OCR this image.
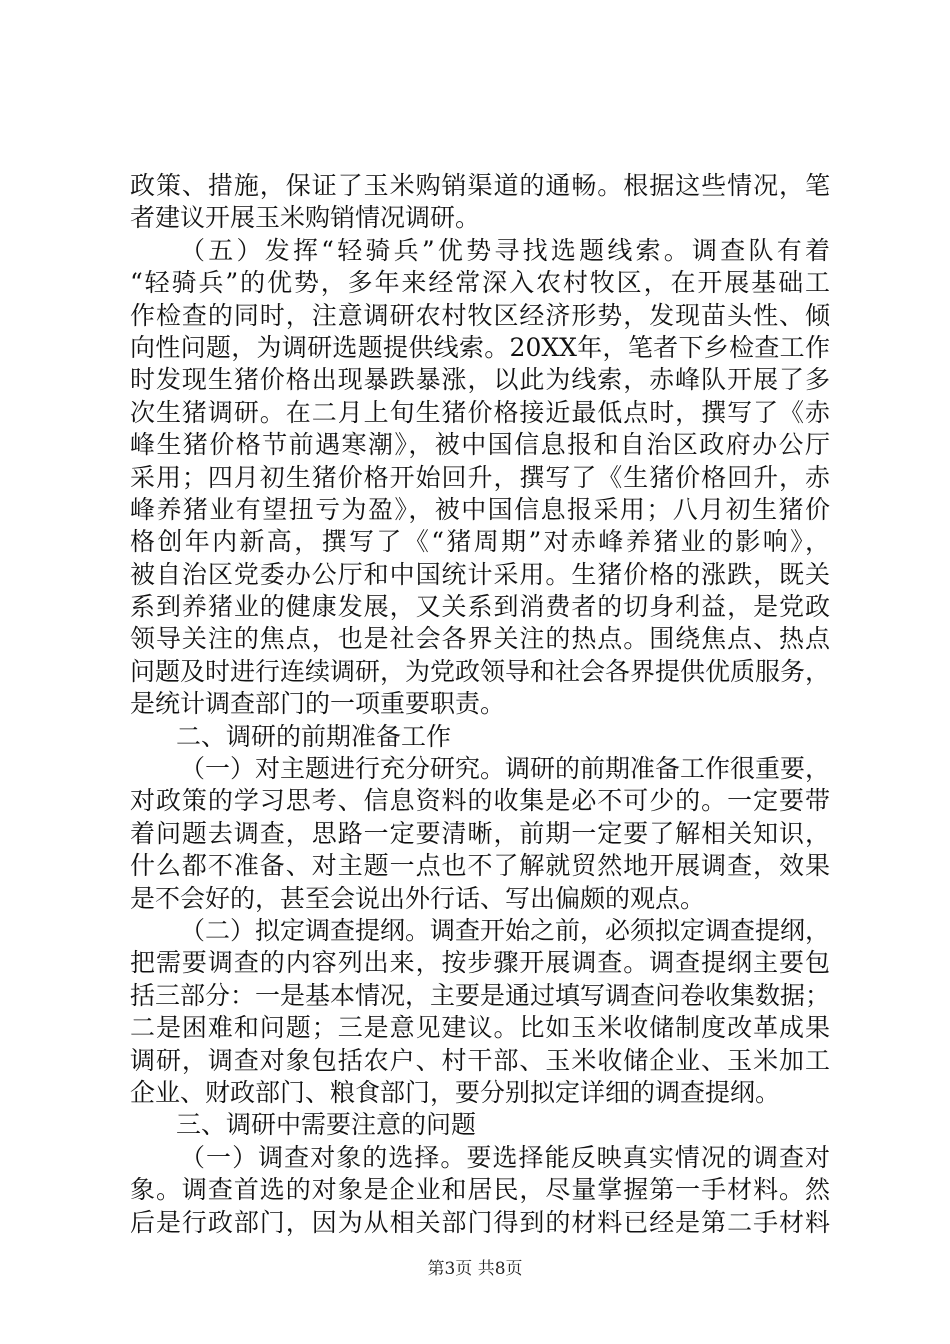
政策、措施，保证了玉米购销渠道的通畅。根据这些情况，笔
者建议开展玉米购销情况调研。
（五）发挥“轻骑兵”优势寻找选题线索。调查队有着
“轻骑兵”的优势，多年来经常深入农村牧区，在开展基础工
作检查的同时，注意调研农村牧区经济形势，发现苗头性、倾
向性问题，为调研选题提供线索。20XX年，笔者下乡检查工作
时发现生猪价格出现暴跌暴涨，以此为线索，赤峰队开展了多
次生猪调研。在二月上旬生猪价格接近最低点时，撰写了《赤
峰生猪价格节前遇寒潮》，被中国信息报和自治区政府办公厅
采用；四月初生猪价格开始回升，撰写了《生猪价格回升，赤
峰养猪业有望扭亏为盈》，被中国信息报采用；八月初生猪价
格创年内新高，撰写了《“猪周期”对赤峰养猪业的影响》，
被自治区党委办公厅和中国统计采用。生猪价格的涨跌，既关
系到养猪业的健康发展，又关系到消费者的切身利益，是党政
领导关注的焦点，也是社会各界关注的热点。围绕焦点、热点
问题及时进行连续调研，为党政领导和社会各界提供优质服务，
是统计调查部门的一项重要职责。
二、调研的前期准备工作
（一）对主题进行充分研究。调研的前期准备工作很重要，
对政策的学习思考、信息资料的收集是必不可少的。一定要带
着问题去调查，思路一定要清晰，前期一定要了解相关知识，
什么都不准备、对主题一点也不了解就贸然地开展调查，效果
是不会好的，甚至会说出外行话、写出偏颇的观点。
（二）拟定调查提纲。调查开始之前，必须拟定调查提纲，
把需要调查的内容列出来，按步骤开展调查。调查提纲主要包
括三部分：一是基本情况，主要是通过填写调查问卷收集数据；
二是困难和问题；三是意见建议。比如玉米收储制度改革成果
调研，调查对象包括农户、村干部、玉米收储企业、玉米加工
企业、财政部门、粮食部门，要分别拟定详细的调查提纲。
三、调研中需要注意的问题
（一）调查对象的选择。要选择能反映真实情况的调查对
象。调查首选的对象是企业和居民，尽量掌握第一手材料。然
后是行政部门，因为从相关部门得到的材料已经是第二手材料
第3页 共8页
